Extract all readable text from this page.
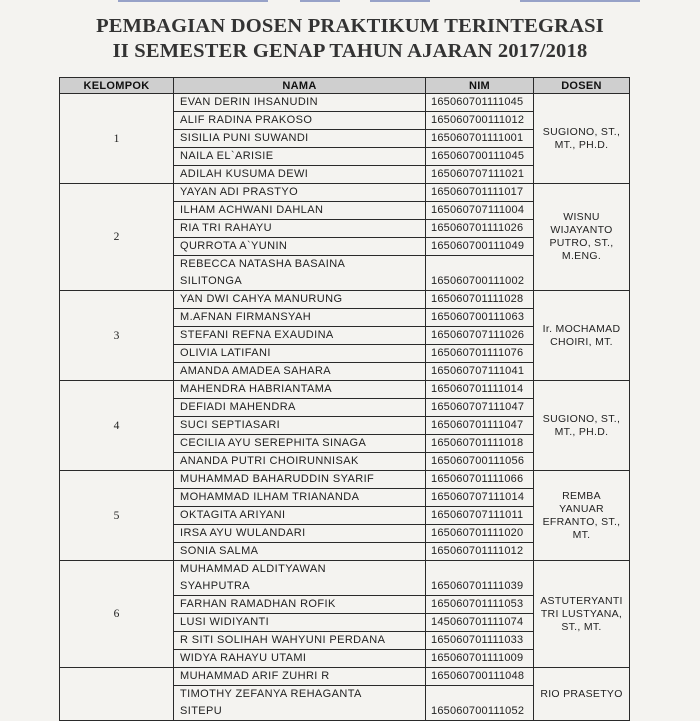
PEMBAGIAN DOSEN PRAKTIKUM TERINTEGRASI
II SEMESTER GENAP TAHUN AJARAN 2017/2018
KELOMPOK	NAMA	NIM	DOSEN
1	EVAN DERIN IHSANUDIN	165060701111045	SUGIONO, ST.,
MT., PH.D.
	ALIF RADINA PRAKOSO	165060700111012	
	SISILIA PUNI SUWANDI	165060701111001	
	NAILA EL`ARISIE	165060700111045	
	ADILAH KUSUMA DEWI	165060707111021	
2	YAYAN ADI PRASTYO	165060701111017	WISNU
WIJAYANTO
PUTRO, ST.,
M.ENG.
	ILHAM ACHWANI DAHLAN	165060707111004	
	RIA TRI RAHAYU	165060701111026	
	QURROTA A`YUNIN	165060700111049	
	REBECCA NATASHA BASAINA
SILITONGA	165060700111002	
3	YAN DWI CAHYA MANURUNG	165060701111028	Ir. MOCHAMAD
CHOIRI, MT.
	M.AFNAN FIRMANSYAH	165060700111063	
	STEFANI REFNA EXAUDINA	165060707111026	
	OLIVIA LATIFANI	165060701111076	
	AMANDA AMADEA SAHARA	165060707111041	
4	MAHENDRA HABRIANTAMA	165060701111014	SUGIONO, ST.,
MT., PH.D.
	DEFIADI MAHENDRA	165060707111047	
	SUCI SEPTIASARI	165060701111047	
	CECILIA AYU SEREPHITA SINAGA	165060701111018	
	ANANDA PUTRI CHOIRUNNISAK	165060700111056	
5	MUHAMMAD BAHARUDDIN SYARIF	165060701111066	REMBA
YANUAR
EFRANTO, ST.,
MT.
	MOHAMMAD ILHAM TRIANANDA	165060707111014	
	OKTAGITA ARIYANI	165060707111011	
	IRSA AYU WULANDARI	165060701111020	
	SONIA SALMA	165060701111012	
6	MUHAMMAD ALDITYAWAN
SYAHPUTRA	165060701111039	ASTUTERYANTI
TRI LUSTYANA,
ST., MT.
	FARHAN RAMADHAN ROFIK	165060701111053	
	LUSI WIDIYANTI	145060701111074	
	R SITI SOLIHAH WAHYUNI PERDANA	165060701111033	
	WIDYA RAHAYU UTAMI	165060701111009	
	MUHAMMAD ARIF ZUHRI R	165060700111048	RIO PRASETYO
	TIMOTHY ZEFANYA REHAGANTA
SITEPU	165060700111052	
